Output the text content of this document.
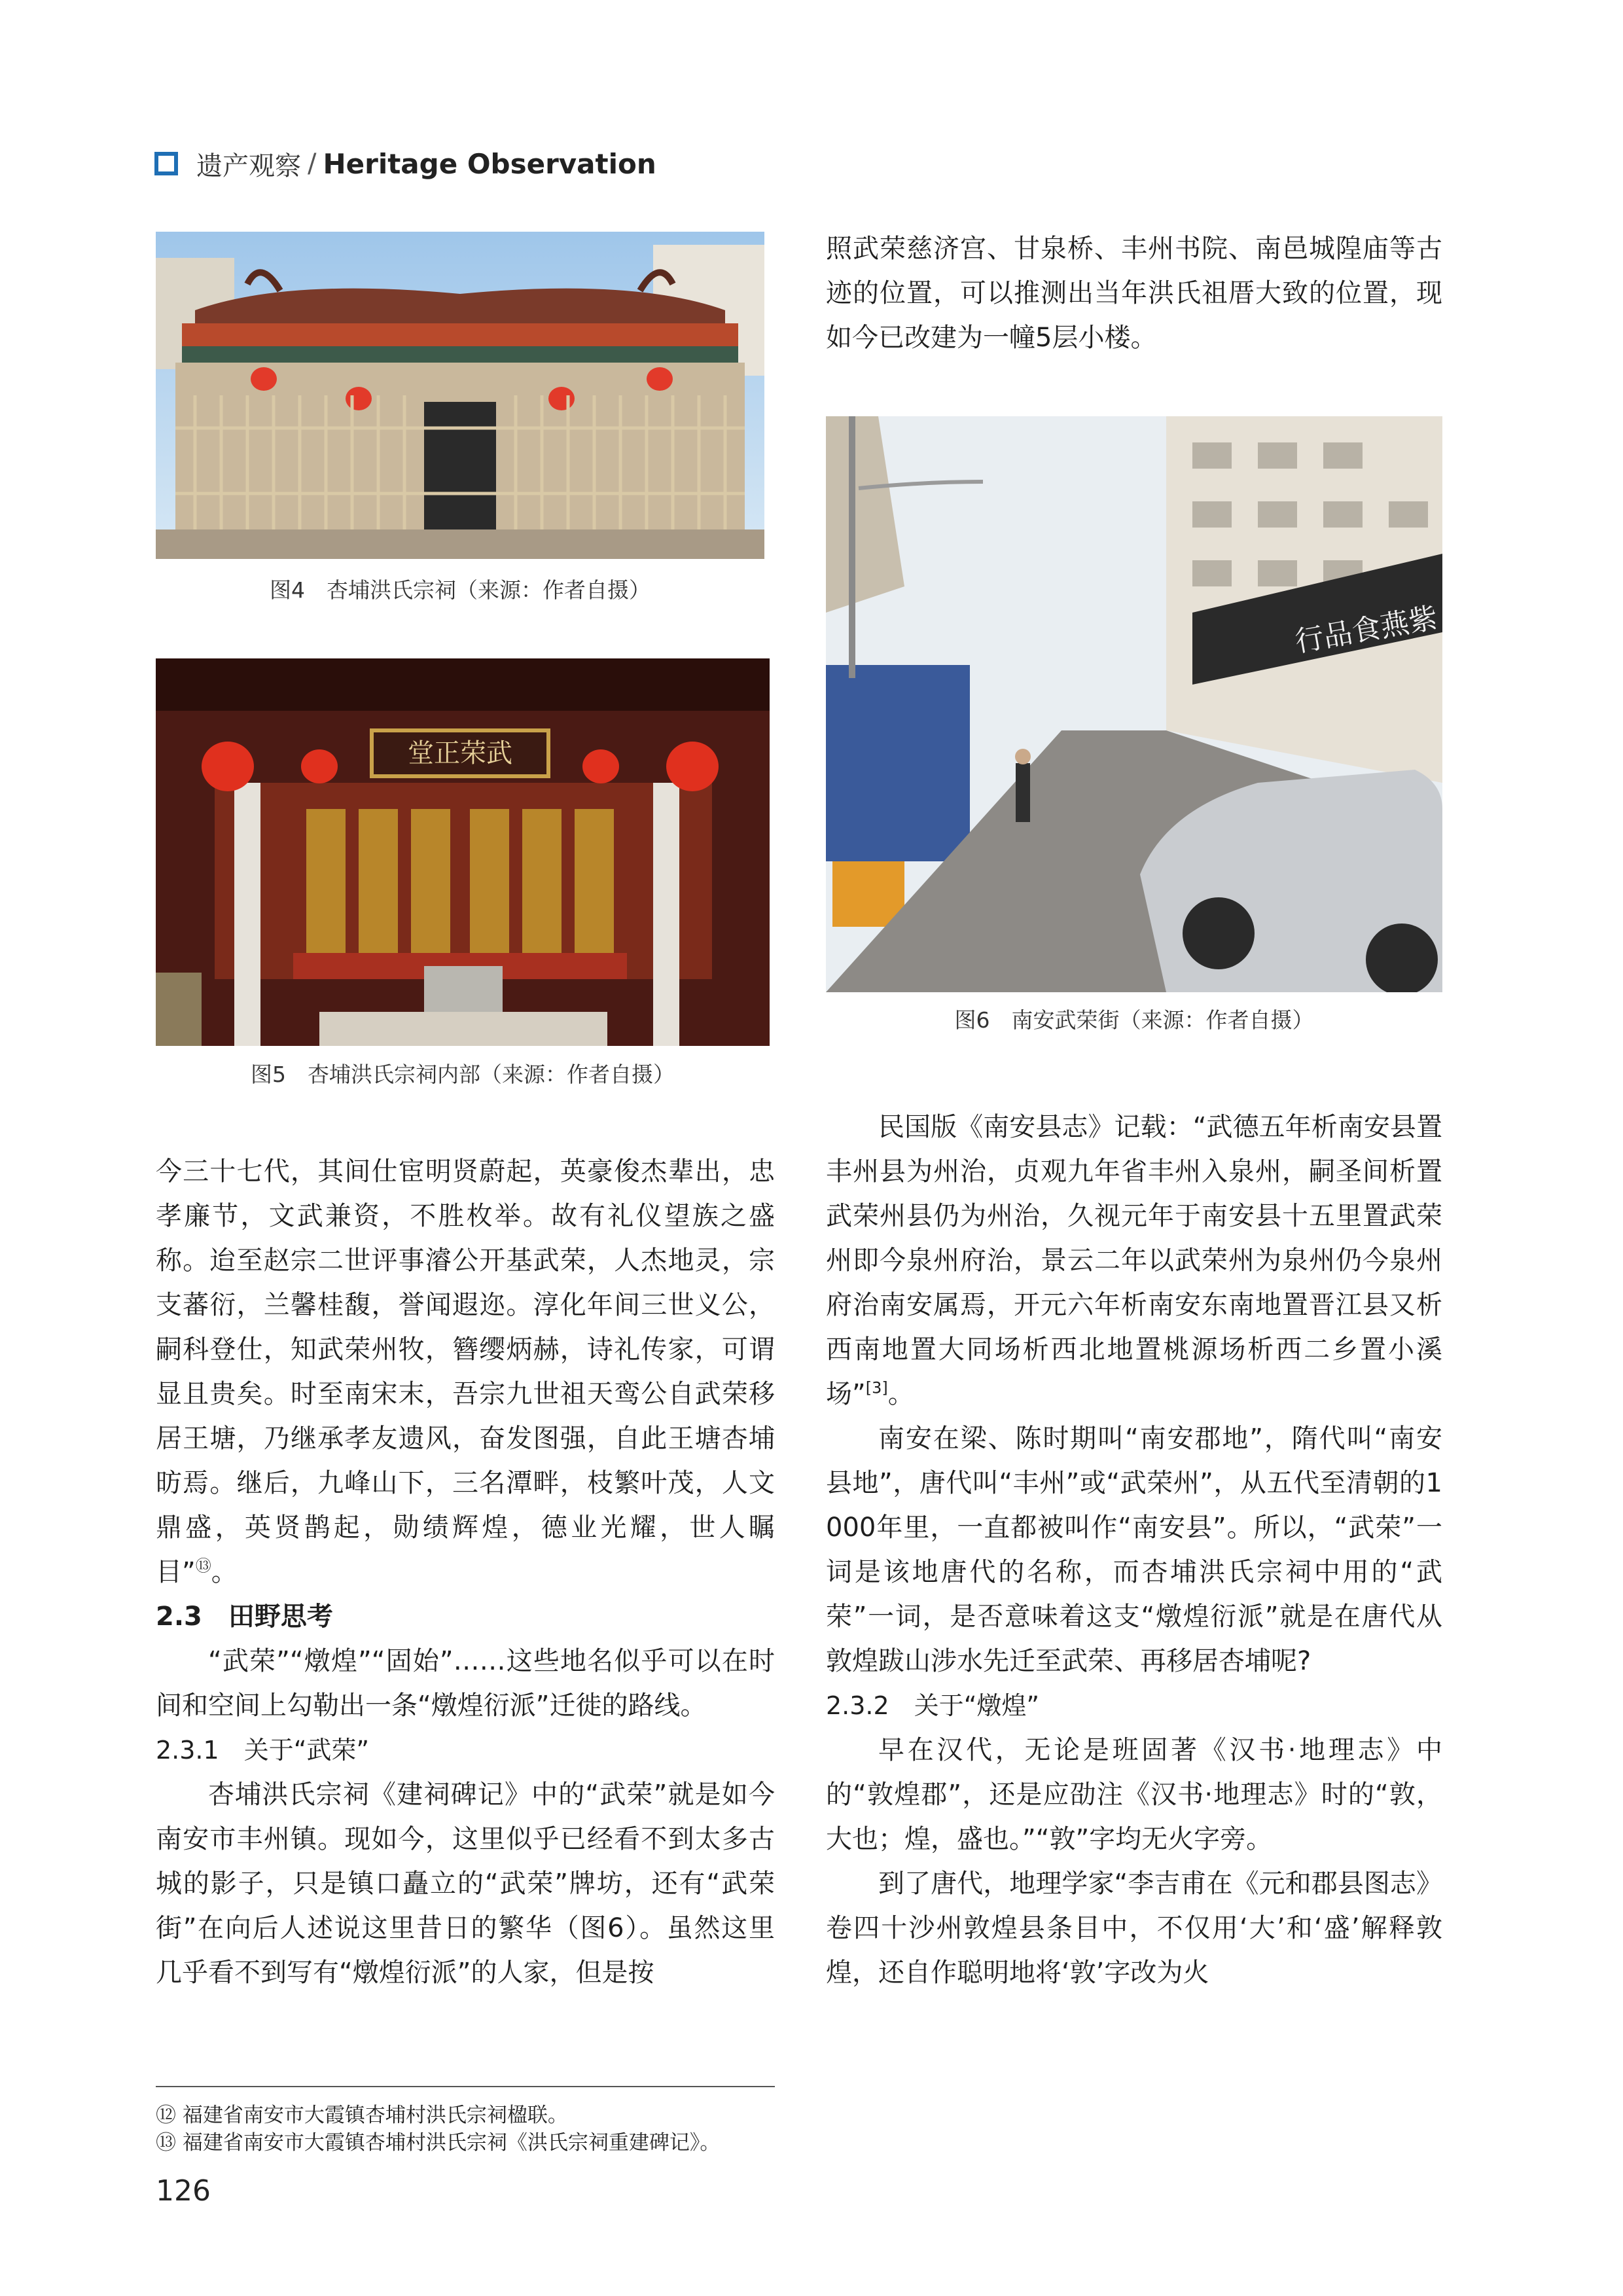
遗产观察 / Heritage Observation
图4　杏埔洪氏宗祠（来源：作者自摄）
堂正荣武
图5　杏埔洪氏宗祠内部（来源：作者自摄）
行品食燕紫
图6　南安武荣街（来源：作者自摄）

今三十七代，其间仕宦明贤蔚起，英豪俊杰辈出，忠孝廉节，文武兼资，不胜枚举。故有礼仪望族之盛称。迨至赵宗二世评事濬公开基武荣，人杰地灵，宗支蕃衍，兰馨桂馥，誉闻遐迩。淳化年间三世义公，嗣科登仕，知武荣州牧，簪缨炳赫，诗礼传家，可谓显且贵矣。时至南宋末，吾宗九世祖天鸾公自武荣移居王塘，乃继承孝友遗风，奋发图强，自此王塘杏埔昉焉。继后，九峰山下，三名潭畔，枝繁叶茂，人文鼎盛，英贤鹊起，勋绩辉煌，德业光耀，世人瞩目”⑬。

2.3　田野思考

“武荣”“燉煌”“固始”……这些地名似乎可以在时间和空间上勾勒出一条“燉煌衍派”迁徙的路线。

2.3.1　关于“武荣”

杏埔洪氏宗祠《建祠碑记》中的“武荣”就是如今南安市丰州镇。现如今，这里似乎已经看不到太多古城的影子，只是镇口矗立的“武荣”牌坊，还有“武荣街”在向后人述说这里昔日的繁华（图6）。虽然这里几乎看不到写有“燉煌衍派”的人家，但是按

照武荣慈济宫、甘泉桥、丰州书院、南邑城隍庙等古迹的位置，可以推测出当年洪氏祖厝大致的位置，现如今已改建为一幢5层小楼。

民国版《南安县志》记载：“武德五年析南安县置丰州县为州治，贞观九年省丰州入泉州，嗣圣间析置武荣州县仍为州治，久视元年于南安县十五里置武荣州即今泉州府治，景云二年以武荣州为泉州仍今泉州府治南安属焉，开元六年析南安东南地置晋江县又析西南地置大同场析西北地置桃源场析西二乡置小溪场”[3]。

南安在梁、陈时期叫“南安郡地”，隋代叫“南安县地”，唐代叫“丰州”或“武荣州”，从五代至清朝的1 000年里，一直都被叫作“南安县”。所以，“武荣”一词是该地唐代的名称，而杏埔洪氏宗祠中用的“武荣”一词，是否意味着这支“燉煌衍派”就是在唐代从敦煌跋山涉水先迁至武荣、再移居杏埔呢?

2.3.2　关于“燉煌”

早在汉代，无论是班固著《汉书·地理志》中的“敦煌郡”，还是应劭注《汉书·地理志》时的“敦，大也；煌，盛也。”“敦”字均无火字旁。

到了唐代，地理学家“李吉甫在《元和郡县图志》卷四十沙州敦煌县条目中，不仅用‘大’和‘盛’解释敦煌，还自作聪明地将‘敦’字改为火

⑫ 福建省南安市大霞镇杏埔村洪氏宗祠楹联。
⑬ 福建省南安市大霞镇杏埔村洪氏宗祠《洪氏宗祠重建碑记》。
126
